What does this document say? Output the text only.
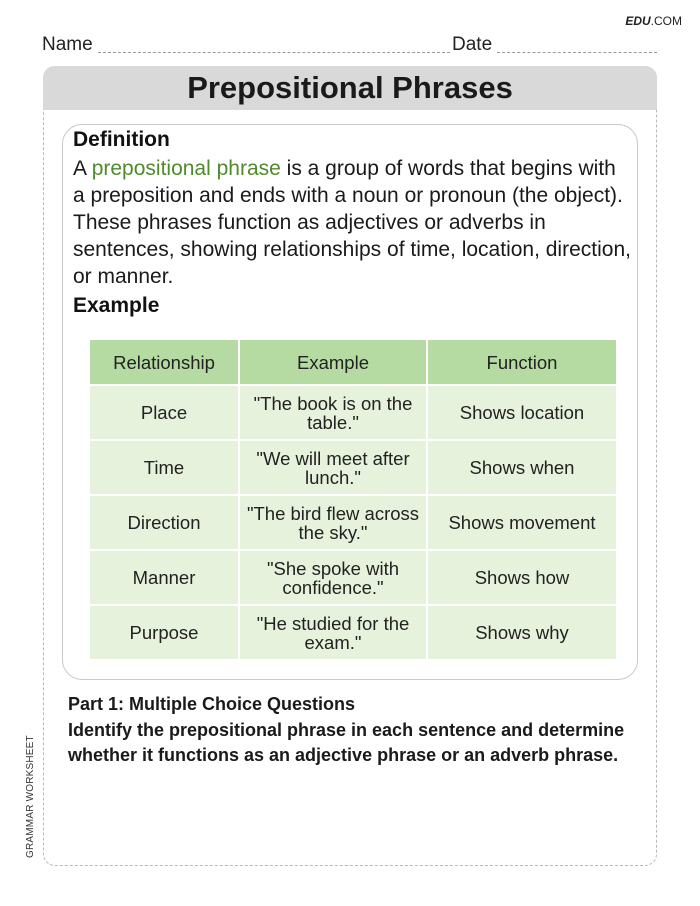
EDU.COM
Name	Date
Prepositional Phrases
Definition
A prepositional phrase is a group of words that begins with a preposition and ends with a noun or pronoun (the object). These phrases function as adjectives or adverbs in sentences, showing relationships of time, location, direction, or manner.
Example
Relationship	Example	Function
Place	"The book is on the table."	Shows location
Time	"We will meet after lunch."	Shows when
Direction	"The bird flew across the sky."	Shows movement
Manner	"She spoke with confidence."	Shows how
Purpose	"He studied for the exam."	Shows why
Part 1: Multiple Choice Questions
Identify the prepositional phrase in each sentence and determine whether it functions as an adjective phrase or an adverb phrase.
GRAMMAR WORKSHEET
